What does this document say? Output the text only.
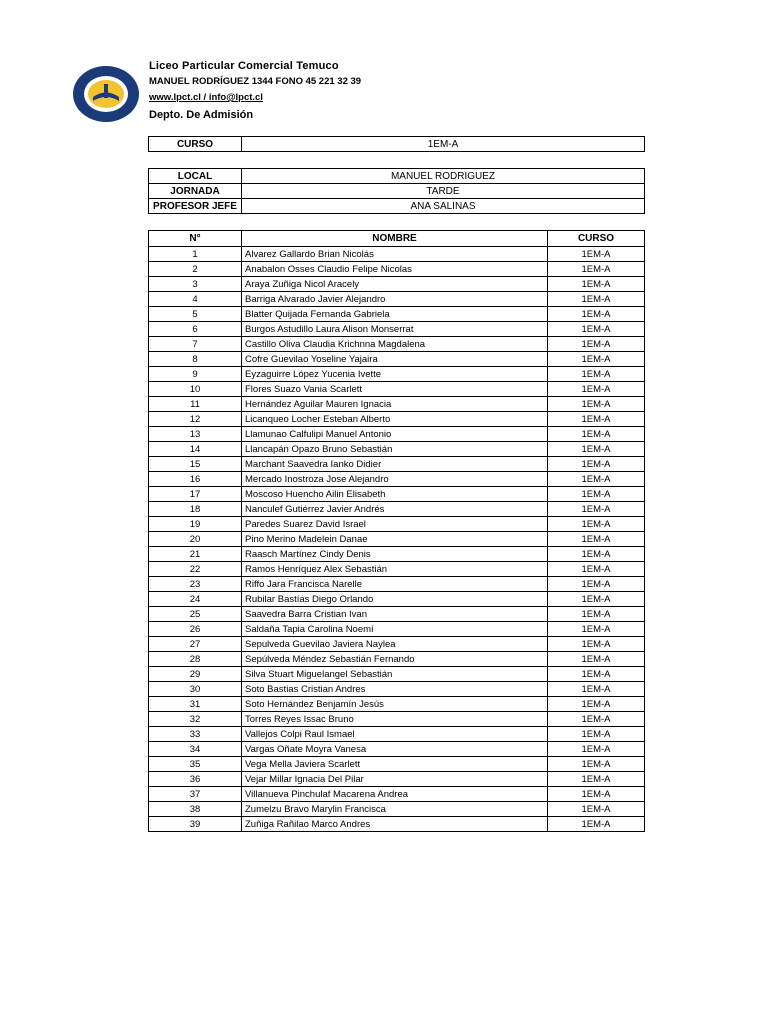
Liceo Particular Comercial Temuco
MANUEL RODRÍGUEZ 1344 FONO 45 221 32 39
www.lpct.cl / info@lpct.cl
Depto. De Admisión
CURSO	1EM-A
LOCAL	MANUEL RODRIGUEZ
JORNADA	TARDE
PROFESOR JEFE	ANA SALINAS
N°	NOMBRE	CURSO
1	Alvarez Gallardo Brian Nicolás	1EM-A
2	Anabalon Osses Claudio Felipe Nicolas	1EM-A
3	Araya Zuñiga Nicol Aracely	1EM-A
4	Barriga Alvarado Javier Alejandro	1EM-A
5	Blatter Quijada Fernanda Gabriela	1EM-A
6	Burgos Astudillo Laura Alison Monserrat	1EM-A
7	Castillo Oliva Claudia Krichnna Magdalena	1EM-A
8	Cofre Guevilao Yoseline Yajaira	1EM-A
9	Eyzaguirre López Yucenia Ivette	1EM-A
10	Flores Suazo Vania Scarlett	1EM-A
11	Hernández Aguilar Mauren Ignacia	1EM-A
12	Licanqueo Locher Esteban Alberto	1EM-A
13	Llamunao Calfulipi Manuel Antonio	1EM-A
14	Llancapán Opazo Bruno Sebastián	1EM-A
15	Marchant Saavedra Ianko Didier	1EM-A
16	Mercado Inostroza Jose Alejandro	1EM-A
17	Moscoso Huencho Ailin Elisabeth	1EM-A
18	Nanculef Gutiérrez Javier Andrés	1EM-A
19	Paredes Suarez David Israel	1EM-A
20	Pino Merino Madelein Danae	1EM-A
21	Raasch Martínez Cindy Denis	1EM-A
22	Ramos Henríquez Alex Sebastián	1EM-A
23	Riffo Jara Francisca Narelle	1EM-A
24	Rubilar Bastías Diego Orlando	1EM-A
25	Saavedra Barra Cristian Ivan	1EM-A
26	Saldaña Tapia Carolina Noemí	1EM-A
27	Sepulveda Guevilao Javiera Naylea	1EM-A
28	Sepúlveda Méndez Sebastián Fernando	1EM-A
29	Silva Stuart Miguelangel Sebastián	1EM-A
30	Soto Bastias Cristian Andres	1EM-A
31	Soto Hernández Benjamín Jesús	1EM-A
32	Torres Reyes Issac Bruno	1EM-A
33	Vallejos Colpi Raul Ismael	1EM-A
34	Vargas Oñate Moyra Vanesa	1EM-A
35	Vega Mella Javiera Scarlett	1EM-A
36	Vejar Millar Ignacia Del Pilar	1EM-A
37	Villanueva Pinchulaf Macarena Andrea	1EM-A
38	Zumelzu Bravo Marylin Francisca	1EM-A
39	Zuñiga Rañilao Marco Andres	1EM-A
